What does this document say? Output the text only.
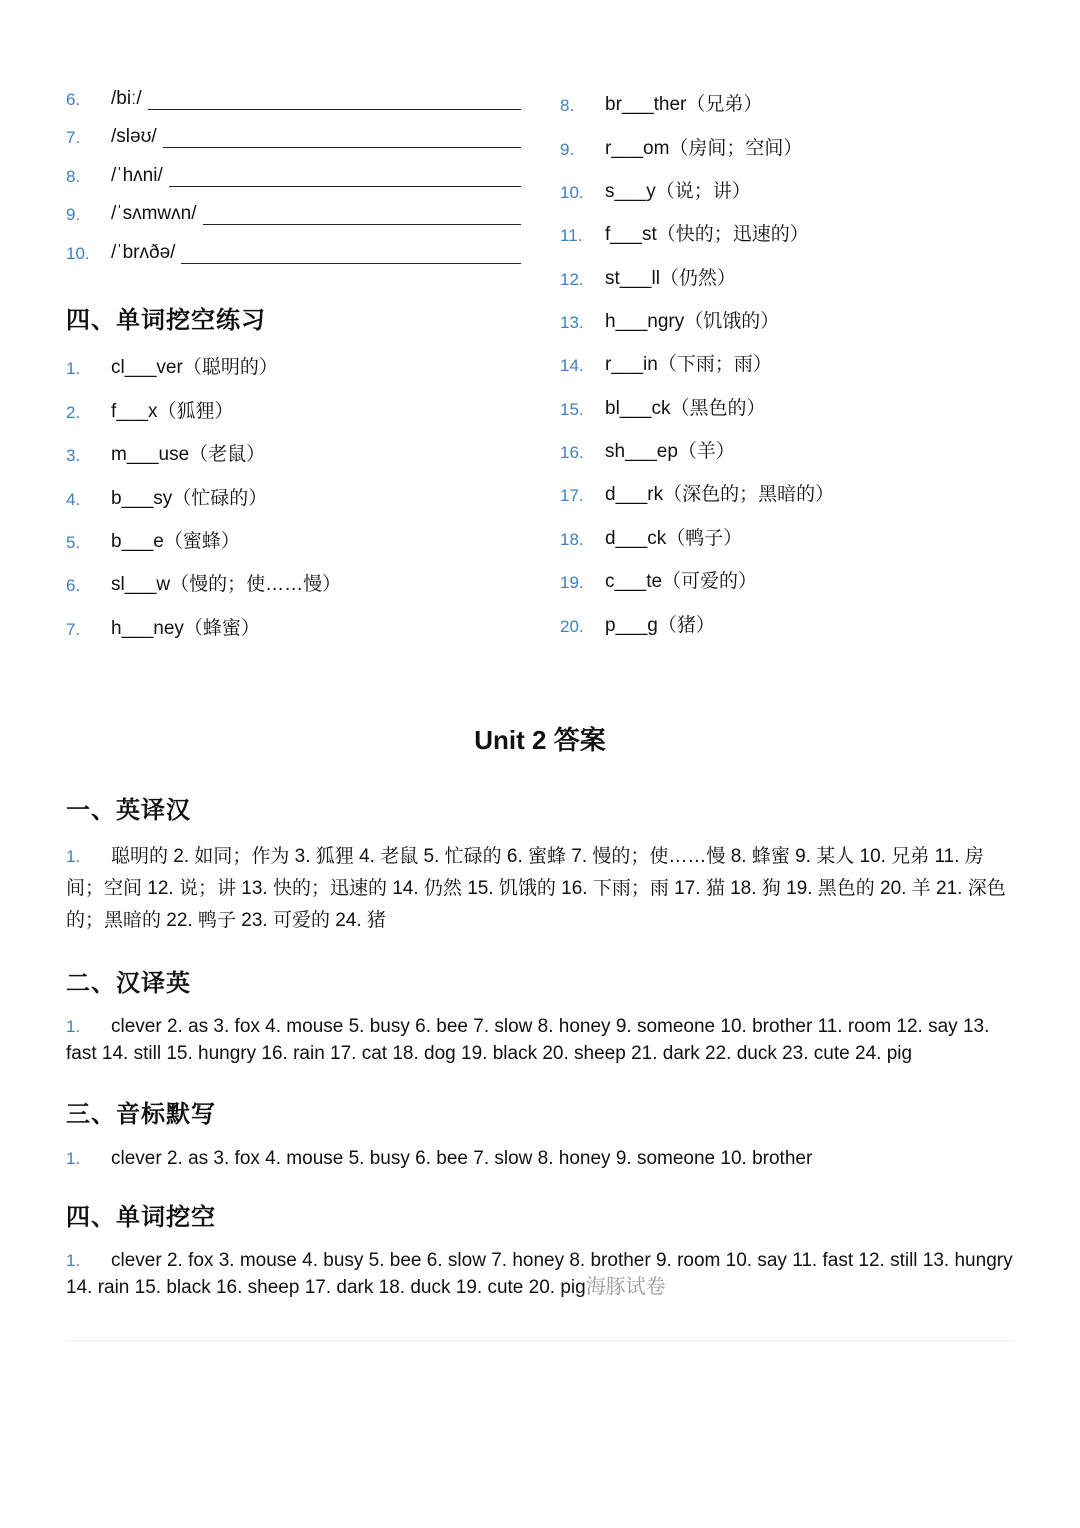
6.	/biː/
7.	/sləʊ/
8.	/ˈhʌni/
9.	/ˈsʌmwʌn/
10.	/ˈbrʌðə/
四、单词挖空练习
1.	cl___ver（聪明的）
2.	f___x（狐狸）
3.	m___use（老鼠）
4.	b___sy（忙碌的）
5.	b___e（蜜蜂）
6.	sl___w（慢的；使……慢）
7.	h___ney（蜂蜜）
8.	br___ther（兄弟）
9.	r___om（房间；空间）
10.	s___y（说；讲）
11.	f___st（快的；迅速的）
12.	st___ll（仍然）
13.	h___ngry（饥饿的）
14.	r___in（下雨；雨）
15.	bl___ck（黑色的）
16.	sh___ep（羊）
17.	d___rk（深色的；黑暗的）
18.	d___ck（鸭子）
19.	c___te（可爱的）
20.	p___g（猪）
Unit 2 答案
一、英译汉
1. 聪明的 2. 如同；作为 3. 狐狸 4. 老鼠 5. 忙碌的 6. 蜜蜂 7. 慢的；使……慢 8. 蜂蜜 9. 某人 10. 兄弟 11. 房间；空间 12. 说；讲 13. 快的；迅速的 14. 仍然 15. 饥饿的 16. 下雨；雨 17. 猫 18. 狗 19. 黑色的 20. 羊 21. 深色的；黑暗的 22. 鸭子 23. 可爱的 24. 猪
二、汉译英
1. clever 2. as 3. fox 4. mouse 5. busy 6. bee 7. slow 8. honey 9. someone 10. brother 11. room 12. say 13. fast 14. still 15. hungry 16. rain 17. cat 18. dog 19. black 20. sheep 21. dark 22. duck 23. cute 24. pig
三、音标默写
1. clever 2. as 3. fox 4. mouse 5. busy 6. bee 7. slow 8. honey 9. someone 10. brother
四、单词挖空
1. clever 2. fox 3. mouse 4. busy 5. bee 6. slow 7. honey 8. brother 9. room 10. say 11. fast 12. still 13. hungry 14. rain 15. black 16. sheep 17. dark 18. duck 19. cute 20. pig海豚试卷
